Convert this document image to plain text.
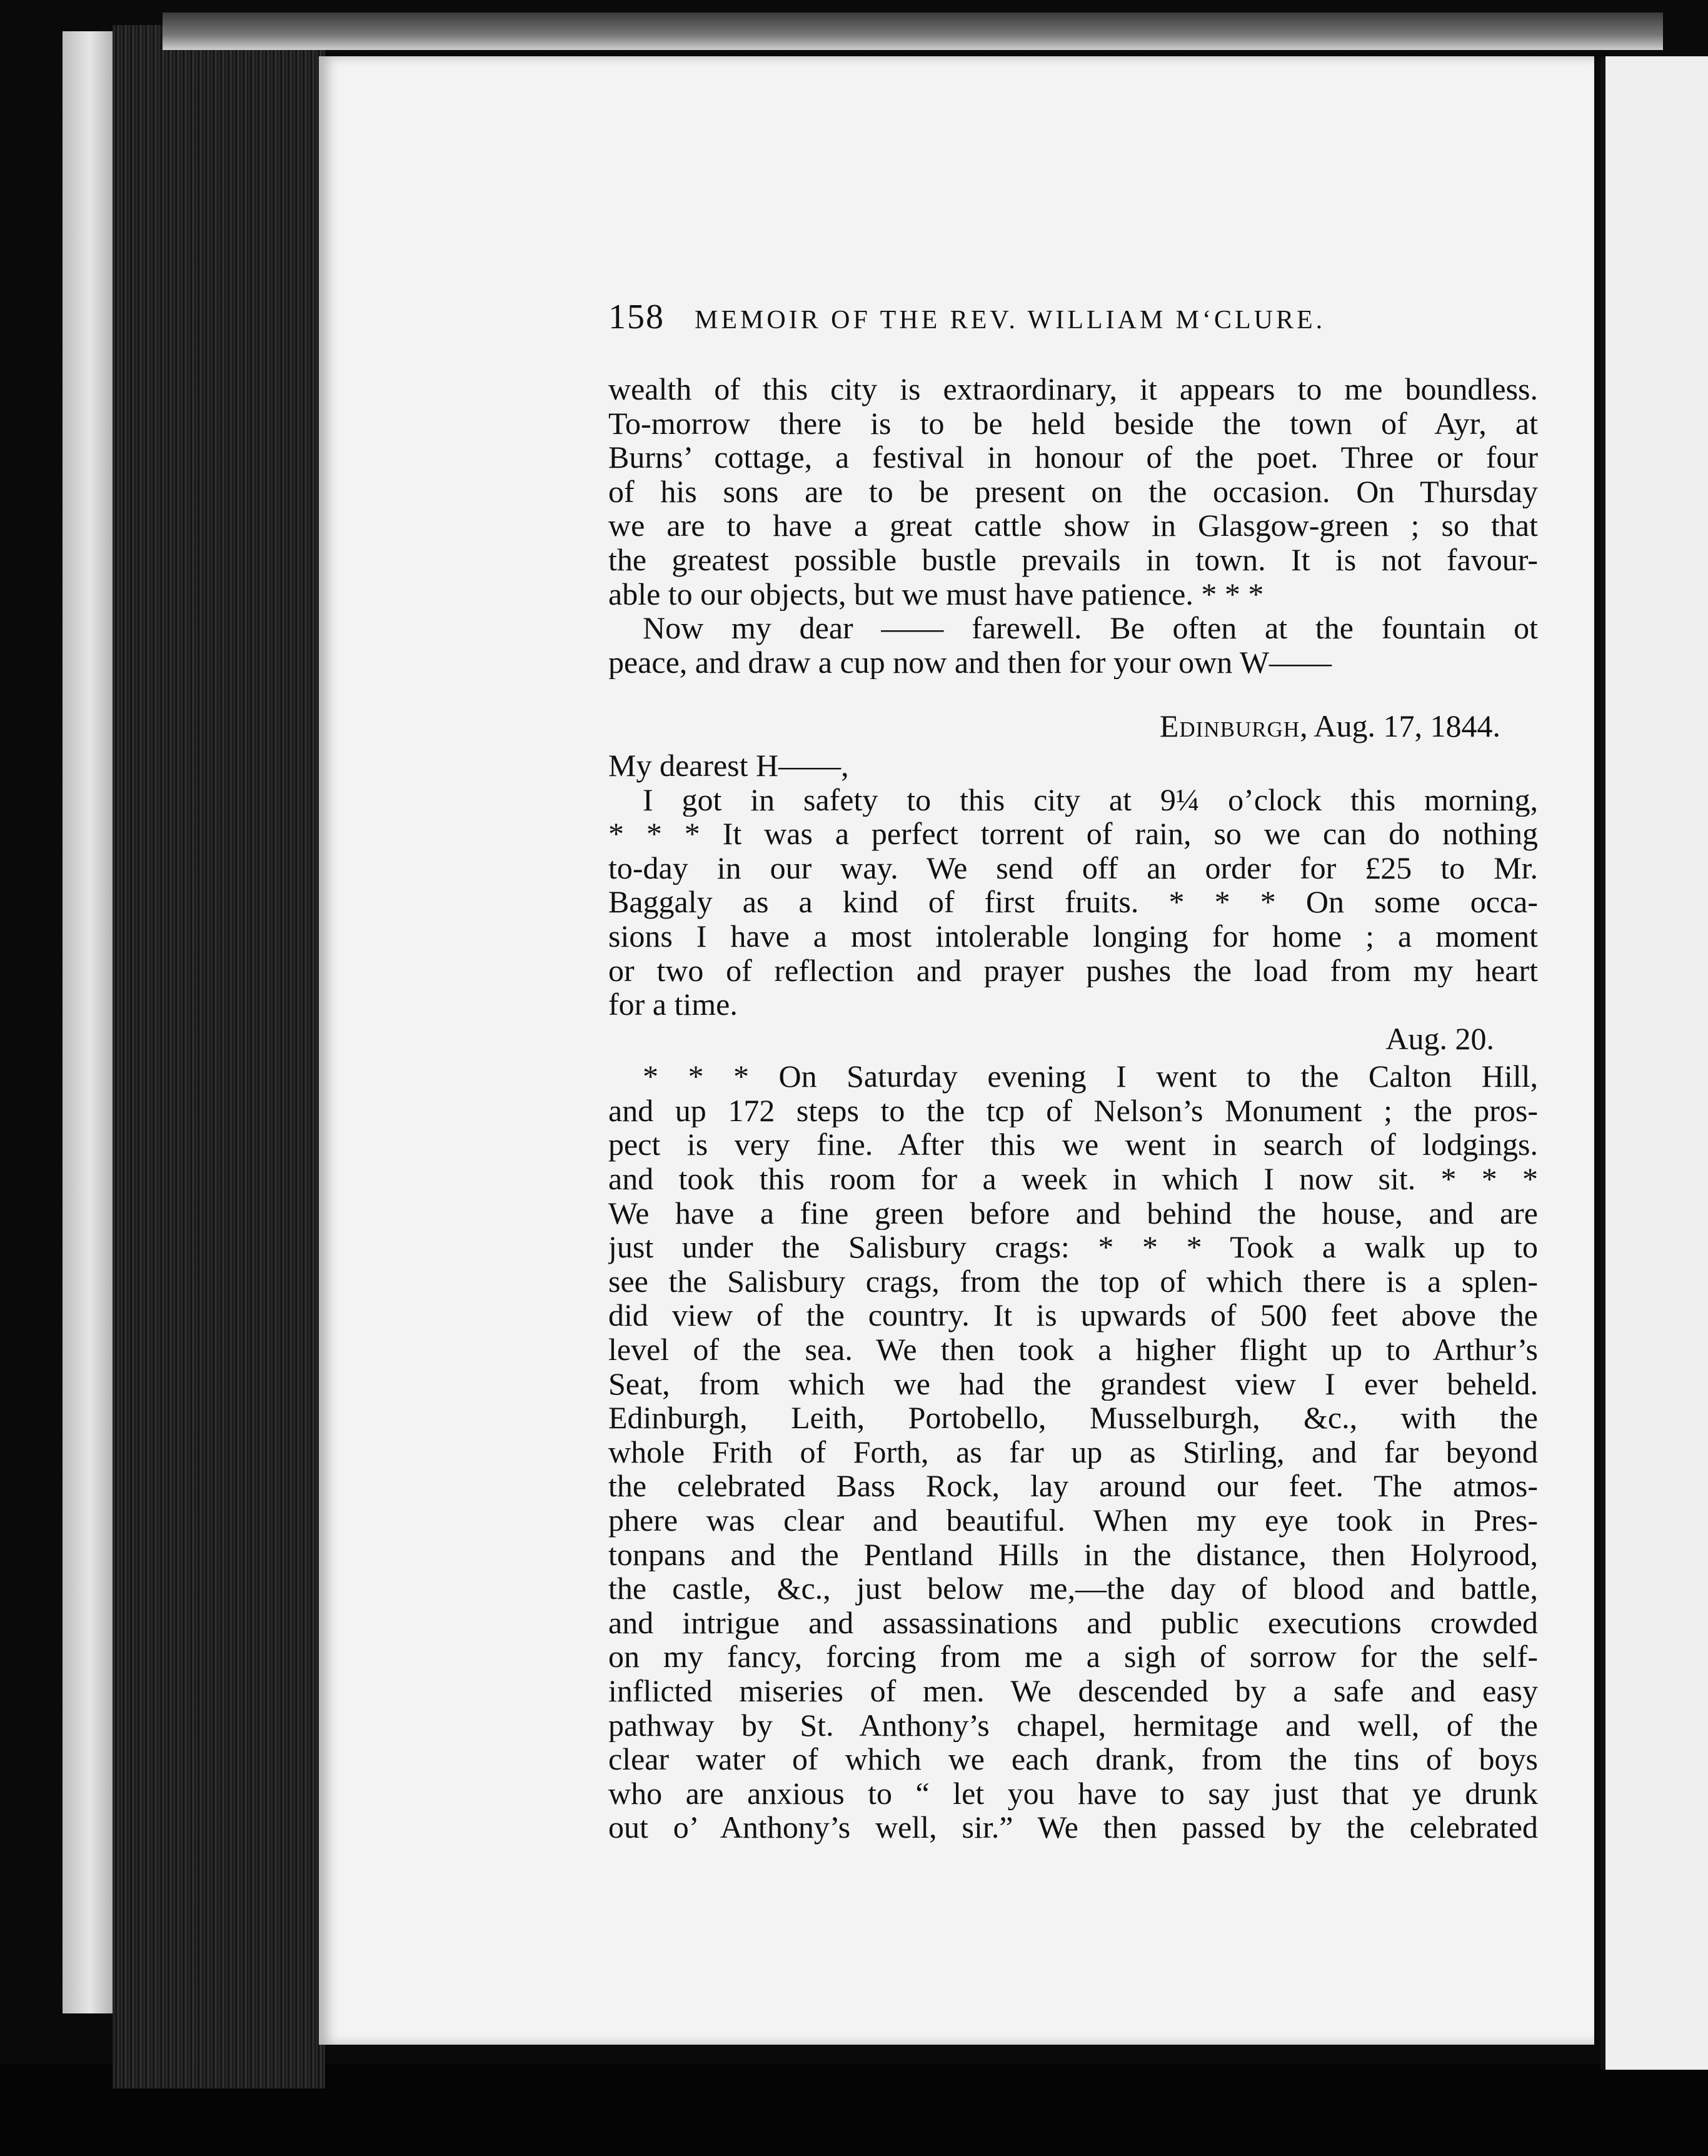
158 MEMOIR OF THE REV. WILLIAM M‘CLURE.
wealth of this city is extraordinary, it appears to me boundless.
To-morrow there is to be held beside the town of Ayr, at
Burns’ cottage, a festival in honour of the poet. Three or four
of his sons are to be present on the occasion. On Thursday
we are to have a great cattle show in Glasgow-green ; so that
the greatest possible bustle prevails in town. It is not favour-
able to our objects, but we must have patience. * * *
Now my dear —— farewell. Be often at the fountain ot
peace, and draw a cup now and then for your own W——
Edinburgh, Aug. 17, 1844.
My dearest H——,
I got in safety to this city at 9¼ o’clock this morning,
* * * It was a perfect torrent of rain, so we can do nothing
to-day in our way. We send off an order for £25 to Mr.
Baggaly as a kind of first fruits. * * * On some occa-
sions I have a most intolerable longing for home ; a moment
or two of reflection and prayer pushes the load from my heart
for a time.
Aug. 20.
* * * On Saturday evening I went to the Calton Hill,
and up 172 steps to the tcp of Nelson’s Monument ; the pros-
pect is very fine. After this we went in search of lodgings.
and took this room for a week in which I now sit. * * *
We have a fine green before and behind the house, and are
just under the Salisbury crags: * * * Took a walk up to
see the Salisbury crags, from the top of which there is a splen-
did view of the country. It is upwards of 500 feet above the
level of the sea. We then took a higher flight up to Arthur’s
Seat, from which we had the grandest view I ever beheld.
Edinburgh, Leith, Portobello, Musselburgh, &c., with the
whole Frith of Forth, as far up as Stirling, and far beyond
the celebrated Bass Rock, lay around our feet. The atmos-
phere was clear and beautiful. When my eye took in Pres-
tonpans and the Pentland Hills in the distance, then Holyrood,
the castle, &c., just below me,—the day of blood and battle,
and intrigue and assassinations and public executions crowded
on my fancy, forcing from me a sigh of sorrow for the self-
inflicted miseries of men. We descended by a safe and easy
pathway by St. Anthony’s chapel, hermitage and well, of the
clear water of which we each drank, from the tins of boys
who are anxious to “ let you have to say just that ye drunk
out o’ Anthony’s well, sir.” We then passed by the celebrated
